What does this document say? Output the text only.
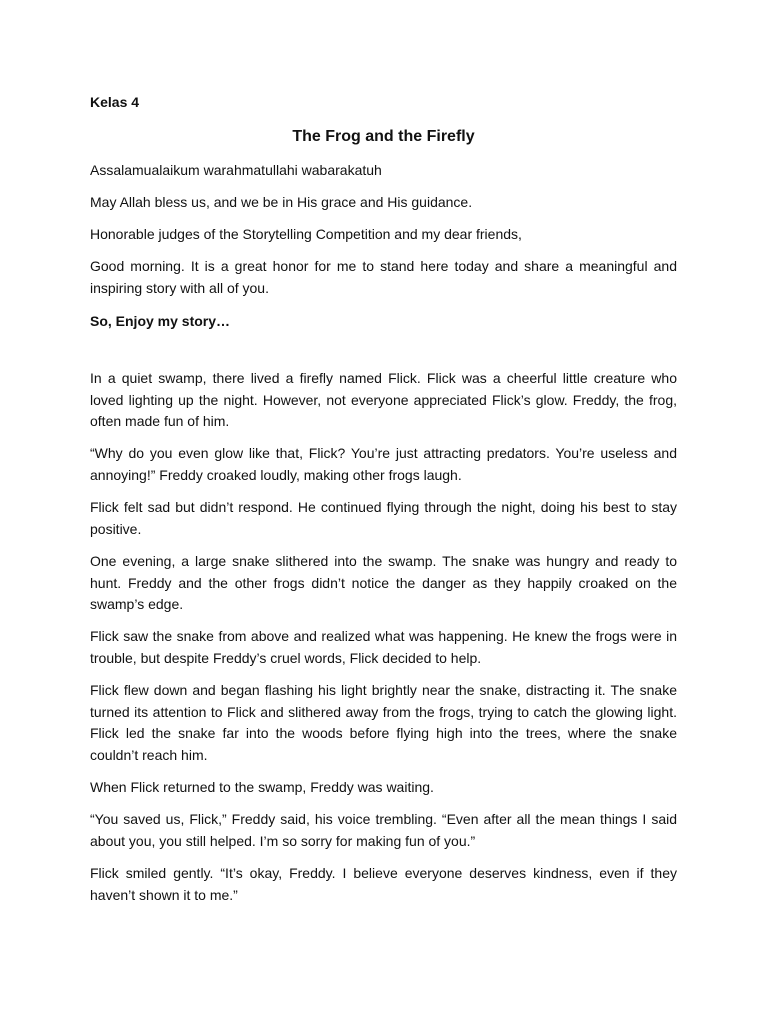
Kelas 4
The Frog and the Firefly

Assalamualaikum warahmatullahi wabarakatuh

May Allah bless us, and we be in His grace and His guidance.

Honorable judges of the Storytelling Competition and my dear friends,

Good morning. It is a great honor for me to stand here today and share a meaningful and inspiring story with all of you.

So, Enjoy my story…

In a quiet swamp, there lived a firefly named Flick. Flick was a cheerful little creature who loved lighting up the night. However, not everyone appreciated Flick’s glow. Freddy, the frog, often made fun of him.

“Why do you even glow like that, Flick? You’re just attracting predators. You’re useless and annoying!” Freddy croaked loudly, making other frogs laugh.

Flick felt sad but didn’t respond. He continued flying through the night, doing his best to stay positive.

One evening, a large snake slithered into the swamp. The snake was hungry and ready to hunt. Freddy and the other frogs didn’t notice the danger as they happily croaked on the swamp’s edge.

Flick saw the snake from above and realized what was happening. He knew the frogs were in trouble, but despite Freddy’s cruel words, Flick decided to help.

Flick flew down and began flashing his light brightly near the snake, distracting it. The snake turned its attention to Flick and slithered away from the frogs, trying to catch the glowing light. Flick led the snake far into the woods before flying high into the trees, where the snake couldn’t reach him.

When Flick returned to the swamp, Freddy was waiting.

“You saved us, Flick,” Freddy said, his voice trembling. “Even after all the mean things I said about you, you still helped. I’m so sorry for making fun of you.”

Flick smiled gently. “It’s okay, Freddy. I believe everyone deserves kindness, even if they haven’t shown it to me.”
